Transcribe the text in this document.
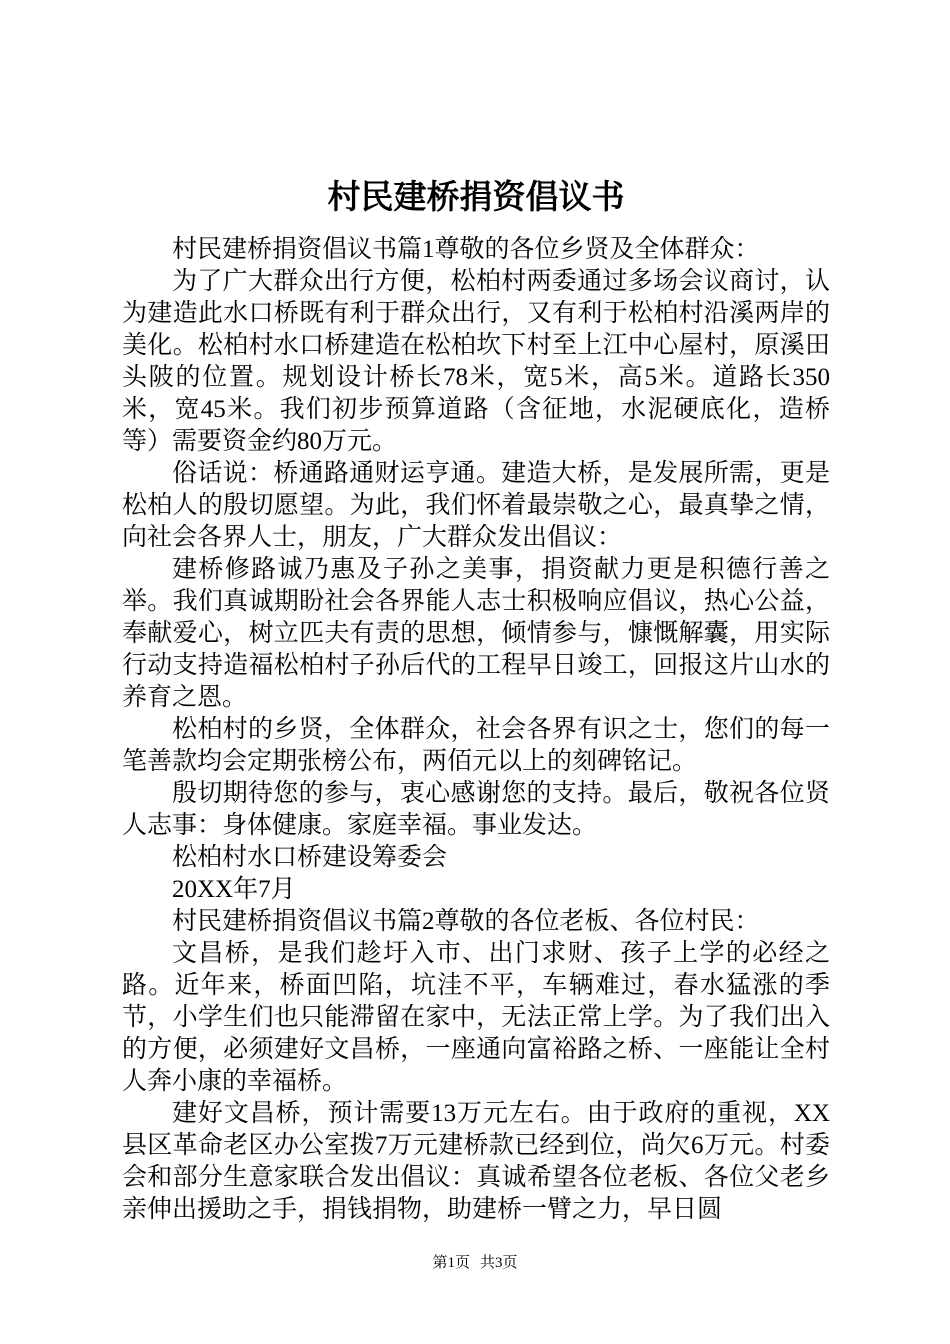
村民建桥捐资倡议书

村民建桥捐资倡议书篇1尊敬的各位乡贤及全体群众：

为了广大群众出行方便，松柏村两委通过多场会议商讨，认为建造此水口桥既有利于群众出行，又有利于松柏村沿溪两岸的美化。松柏村水口桥建造在松柏坎下村至上江中心屋村，原溪田头陂的位置。规划设计桥长78米，宽5米，高5米。道路长350米，宽45米。我们初步预算道路（含征地，水泥硬底化，造桥等）需要资金约80万元。

俗话说：桥通路通财运亨通。建造大桥，是发展所需，更是松柏人的殷切愿望。为此，我们怀着最崇敬之心，最真挚之情，向社会各界人士，朋友，广大群众发出倡议：

建桥修路诚乃惠及子孙之美事，捐资献力更是积德行善之举。我们真诚期盼社会各界能人志士积极响应倡议，热心公益，奉献爱心，树立匹夫有责的思想，倾情参与，慷慨解囊，用实际行动支持造福松柏村子孙后代的工程早日竣工，回报这片山水的养育之恩。

松柏村的乡贤，全体群众，社会各界有识之士，您们的每一笔善款均会定期张榜公布，两佰元以上的刻碑铭记。

殷切期待您的参与，衷心感谢您的支持。最后，敬祝各位贤人志事：身体健康。家庭幸福。事业发达。

松柏村水口桥建设筹委会

20XX年7月

村民建桥捐资倡议书篇2尊敬的各位老板、各位村民：

文昌桥，是我们趁圩入市、出门求财、孩子上学的必经之路。近年来，桥面凹陷，坑洼不平，车辆难过，春水猛涨的季节，小学生们也只能滞留在家中，无法正常上学。为了我们出入的方便，必须建好文昌桥，一座通向富裕路之桥、一座能让全村人奔小康的幸福桥。

建好文昌桥，预计需要13万元左右。由于政府的重视，XX县区革命老区办公室拨7万元建桥款已经到位，尚欠6万元。村委会和部分生意家联合发出倡议：真诚希望各位老板、各位父老乡亲伸出援助之手，捐钱捐物，助建桥一臂之力，早日圆

第1页 共3页
